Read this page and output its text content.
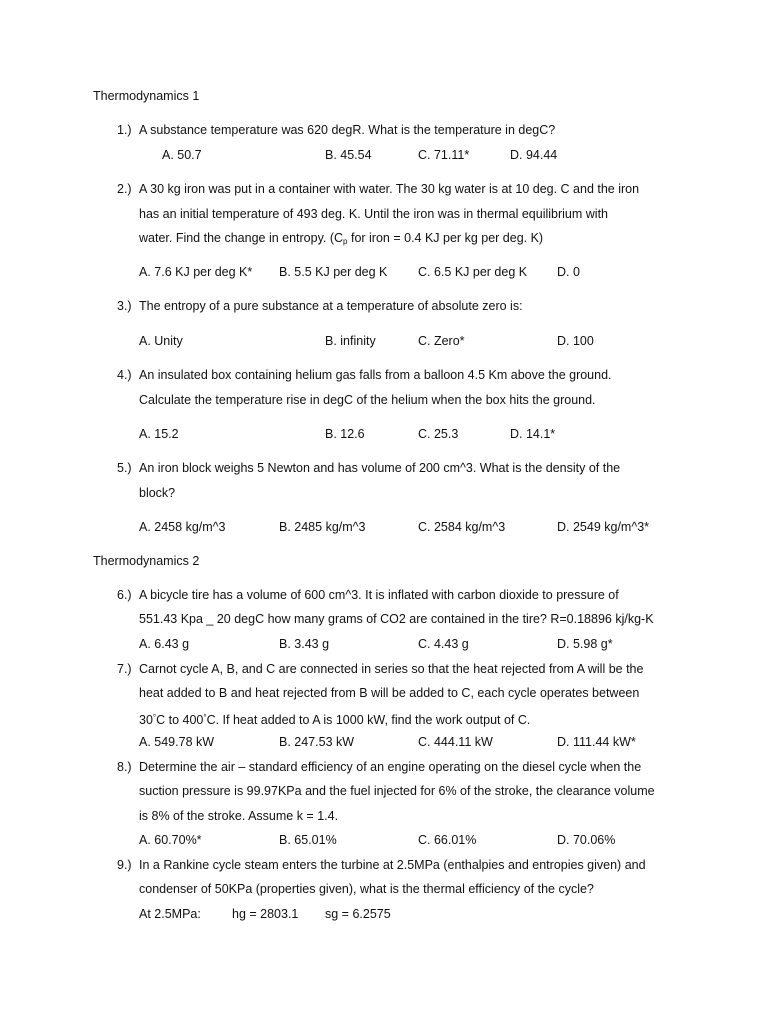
Thermodynamics 1
1.) A substance temperature was 620 degR. What is the temperature in degC?
A. 50.7	B. 45.54	C. 71.11*	D. 94.44
2.) A 30 kg iron was put in a container with water. The 30 kg water is at 10 deg. C and the iron
has an initial temperature of 493 deg. K. Until the iron was in thermal equilibrium with
water. Find the change in entropy. ($C_p$ for iron = 0.4 KJ per kg per deg. K)
A. 7.6 KJ per deg K* B. 5.5 KJ per deg K C. 6.5 KJ per deg K D. 0
3.) The entropy of a pure substance at a temperature of absolute zero is:
A. Unity	B. infinity	C. Zero*	D. 100
4.) An insulated box containing helium gas falls from a balloon 4.5 Km above the ground.
Calculate the temperature rise in degC of the helium when the box hits the ground.
A. 15.2	B. 12.6	C. 25.3	D. 14.1*
5.) An iron block weighs 5 Newton and has volume of 200 cm^3. What is the density of the
block?
A. 2458 kg/m^3	B. 2485 kg/m^3	C. 2584 kg/m^3	D. 2549 kg/m^3*
Thermodynamics 2
6.) A bicycle tire has a volume of 600 cm^3. It is inflated with carbon dioxide to pressure of
551.43 Kpa _ 20 degC how many grams of CO2 are contained in the tire? R=0.18896 kj/kg-K
A. 6.43 g	B. 3.43 g	C. 4.43 g	D. 5.98 g*
7.) Carnot cycle A, B, and C are connected in series so that the heat rejected from A will be the
heat added to B and heat rejected from B will be added to C, each cycle operates between
30°C to 400°C. If heat added to A is 1000 kW, find the work output of C.
A. 549.78 kW	B. 247.53 kW	C. 444.11 kW	D. 111.44 kW*
8.) Determine the air – standard efficiency of an engine operating on the diesel cycle when the
suction pressure is 99.97KPa and the fuel injected for 6% of the stroke, the clearance volume
is 8% of the stroke. Assume k = 1.4.
A. 60.70%*	B. 65.01%	C. 66.01%	D. 70.06%
9.) In a Rankine cycle steam enters the turbine at 2.5MPa (enthalpies and entropies given) and
condenser of 50KPa (properties given), what is the thermal efficiency of the cycle?
At 2.5MPa: hg = 2803.1 sg = 6.2575
